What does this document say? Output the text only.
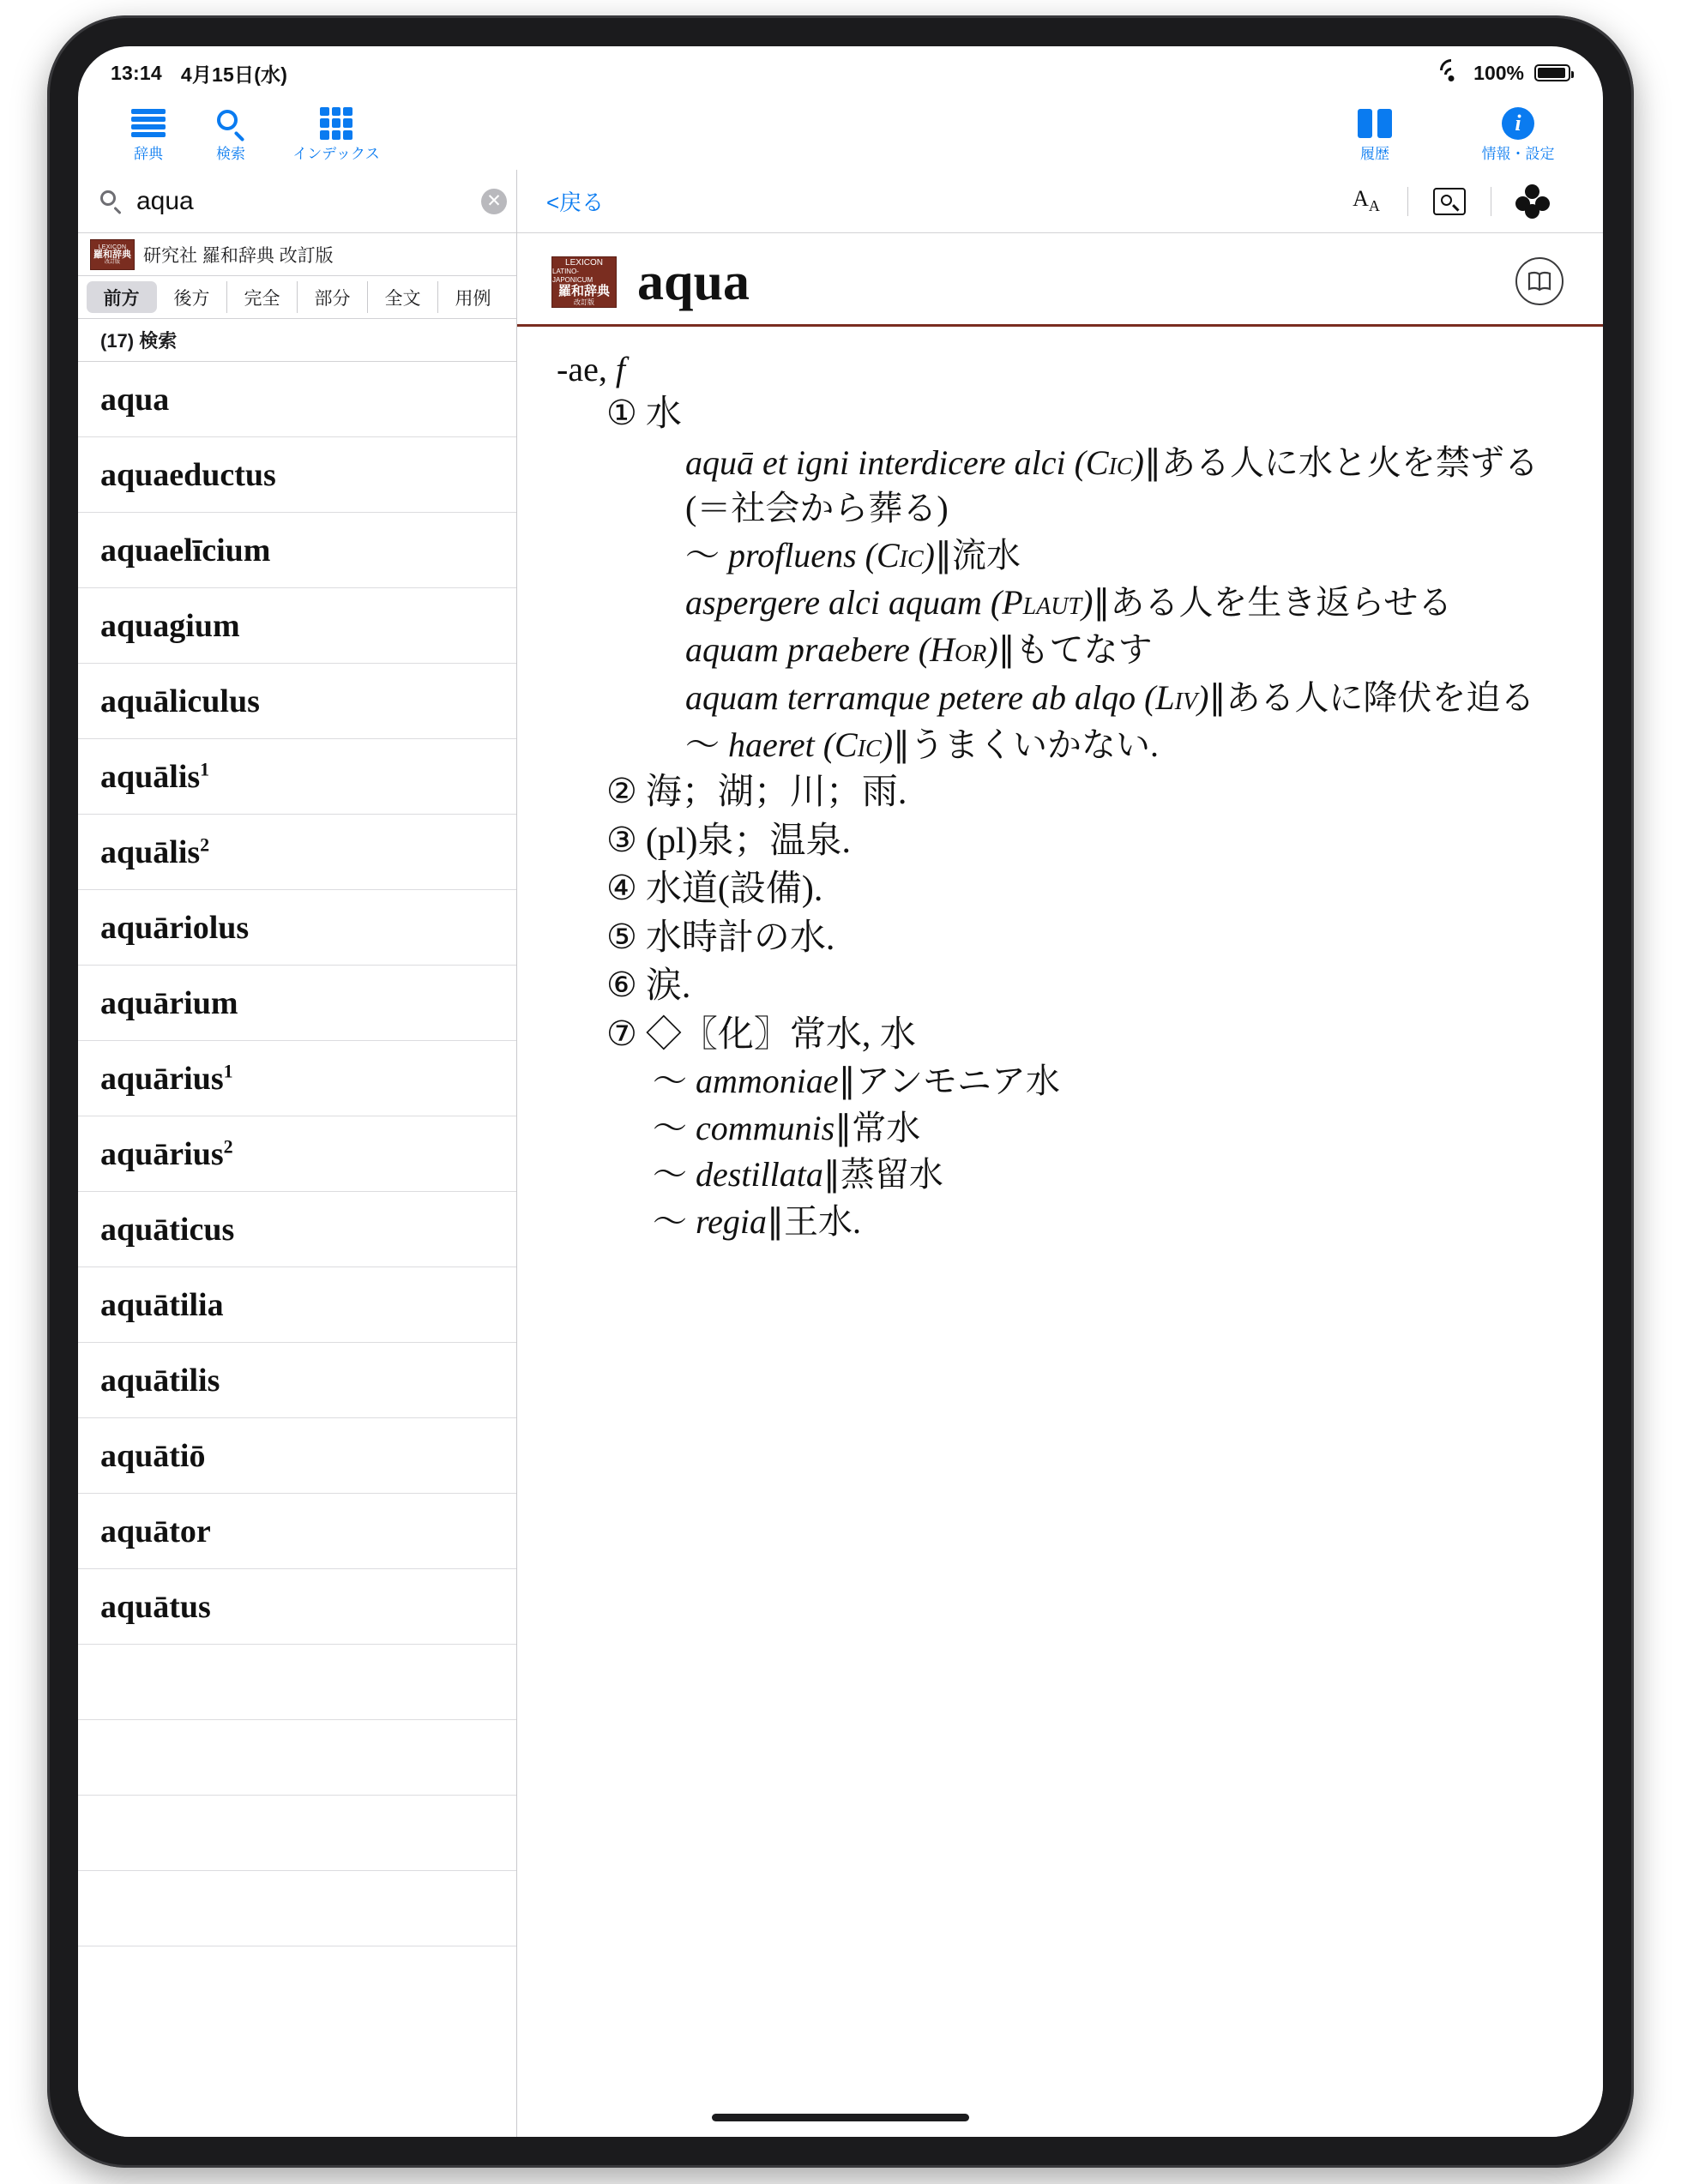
13:14 4月15日(水)	100%
辞典	検索	インデックス	履歴
i
情報・設定
aqua
✕
LEXICON
羅和辞典
改訂版 研究社 羅和辞典 改訂版
前方	後方	完全	部分	全文	用例
(17) 検索
aqua
aquaeductus
aquaelīcium
aquagium
aquāliculus
aquālis$^1$
aquālis$^2$
aquāriolus
aquārium
aquārius$^1$
aquārius$^2$
aquāticus
aquātilia
aquātilis
aquātiō
aquātor
aquātus
<戻る	$A_A$
LEXICON
LATINO-JAPONICUM
羅和辞典
改訂版 aqua
-ae, f
① 水
aquā et igni interdicere alci (Cic)∥ある人に水と火を禁ずる(＝社会から葬る)
〜 profluens (Cic)∥流水
aspergere alci aquam (Plaut)∥ある人を生き返らせる
aquam praebere (Hor)∥もてなす
aquam terramque petere ab alqo (Liv)∥ある人に降伏を迫る
〜 haeret (Cic)∥うまくいかない.
② 海；湖；川；雨.
③ (pl)泉；温泉.
④ 水道(設備).
⑤ 水時計の水.
⑥ 涙.
⑦ ◇〖化〗常水, 水
〜 ammoniae∥アンモニア水
〜 communis∥常水
〜 destillata∥蒸留水
〜 regia∥王水.
